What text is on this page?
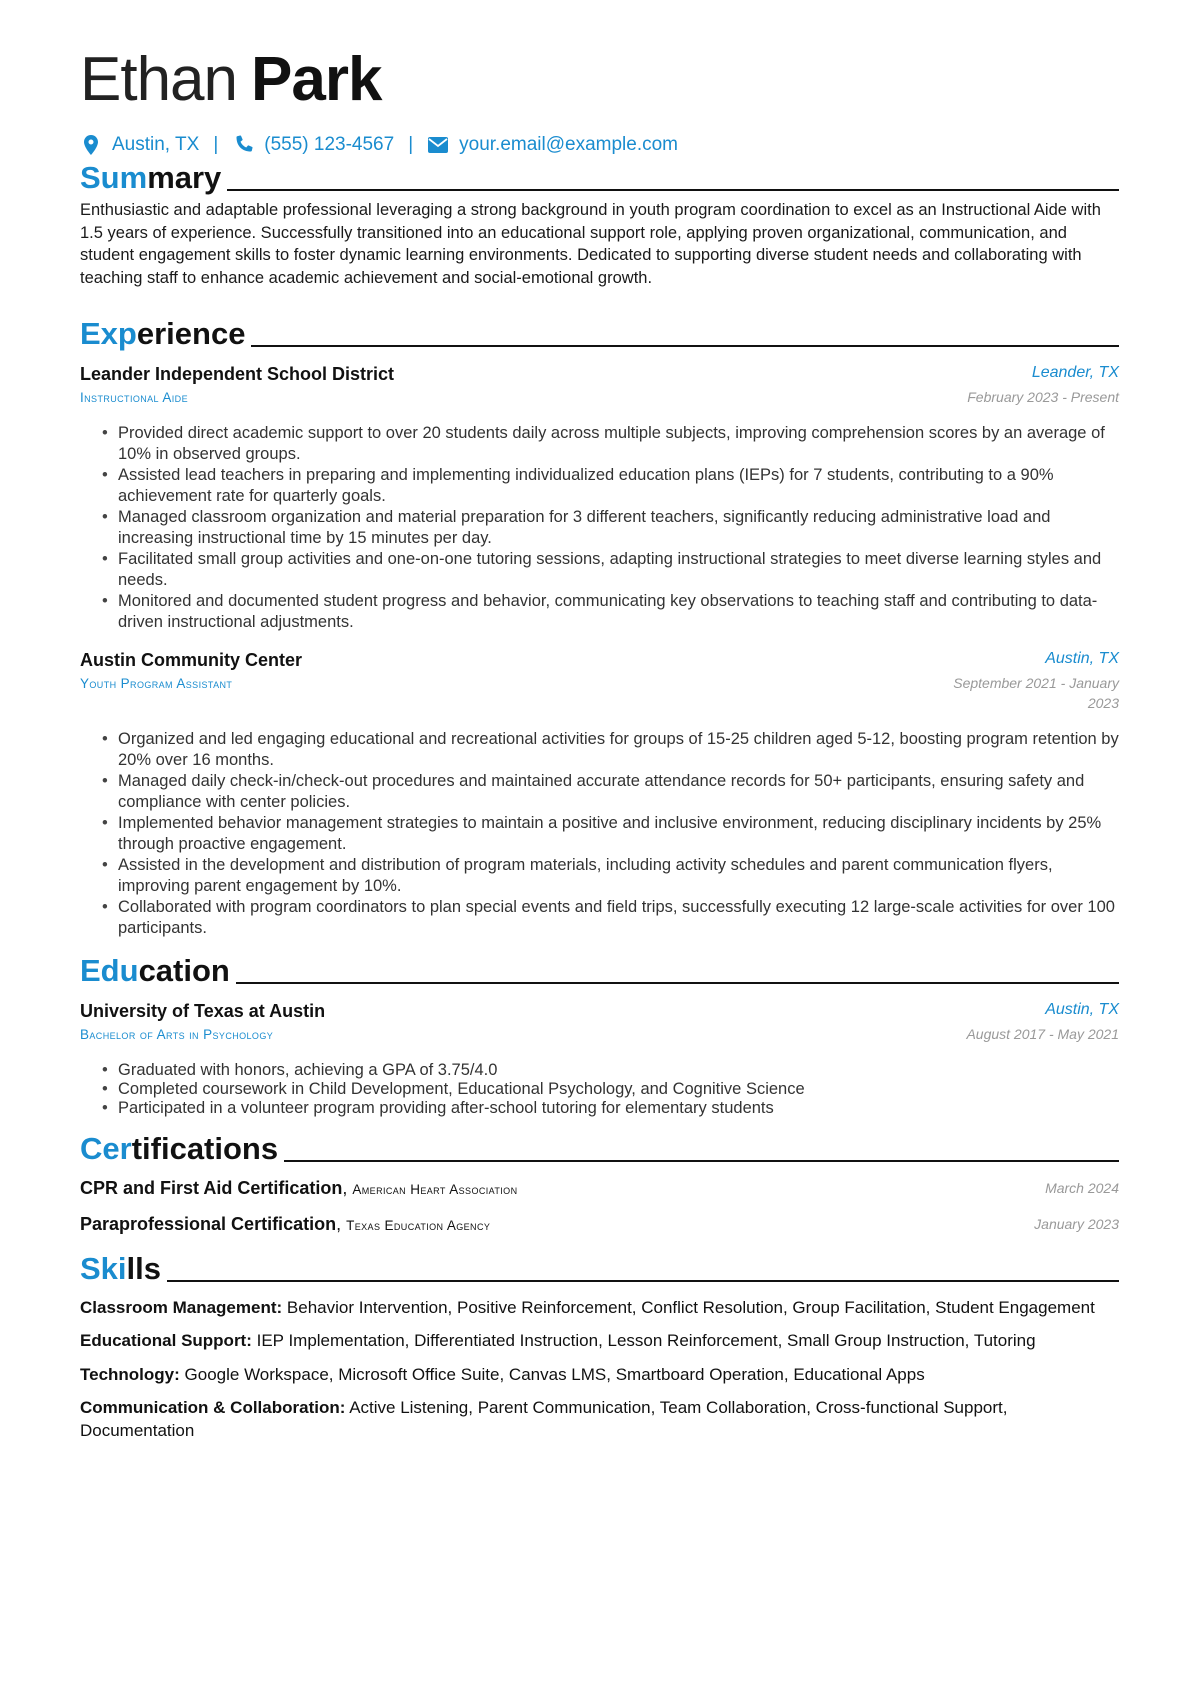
Ethan Park
Austin, TX | (555) 123-4567 | your.email@example.com
Summary
Enthusiastic and adaptable professional leveraging a strong background in youth program coordination to excel as an Instructional Aide with 1.5 years of experience. Successfully transitioned into an educational support role, applying proven organizational, communication, and student engagement skills to foster dynamic learning environments. Dedicated to supporting diverse student needs and collaborating with teaching staff to enhance academic achievement and social-emotional growth.
Experience
Leander Independent School District	Leander, TX
Instructional Aide	February 2023 - Present
• Provided direct academic support to over 20 students daily across multiple subjects, improving comprehension scores by an average of 10% in observed groups.
• Assisted lead teachers in preparing and implementing individualized education plans (IEPs) for 7 students, contributing to a 90% achievement rate for quarterly goals.
• Managed classroom organization and material preparation for 3 different teachers, significantly reducing administrative load and increasing instructional time by 15 minutes per day.
• Facilitated small group activities and one-on-one tutoring sessions, adapting instructional strategies to meet diverse learning styles and needs.
• Monitored and documented student progress and behavior, communicating key observations to teaching staff and contributing to data-driven instructional adjustments.
Austin Community Center	Austin, TX
Youth Program Assistant	September 2021 - January 2023
• Organized and led engaging educational and recreational activities for groups of 15-25 children aged 5-12, boosting program retention by 20% over 16 months.
• Managed daily check-in/check-out procedures and maintained accurate attendance records for 50+ participants, ensuring safety and compliance with center policies.
• Implemented behavior management strategies to maintain a positive and inclusive environment, reducing disciplinary incidents by 25% through proactive engagement.
• Assisted in the development and distribution of program materials, including activity schedules and parent communication flyers, improving parent engagement by 10%.
• Collaborated with program coordinators to plan special events and field trips, successfully executing 12 large-scale activities for over 100 participants.
Education
University of Texas at Austin	Austin, TX
Bachelor of Arts in Psychology	August 2017 - May 2021
• Graduated with honors, achieving a GPA of 3.75/4.0
• Completed coursework in Child Development, Educational Psychology, and Cognitive Science
• Participated in a volunteer program providing after-school tutoring for elementary students
Certifications
CPR and First Aid Certification, American Heart Association	March 2024
Paraprofessional Certification, Texas Education Agency	January 2023
Skills
Classroom Management: Behavior Intervention, Positive Reinforcement, Conflict Resolution, Group Facilitation, Student Engagement
Educational Support: IEP Implementation, Differentiated Instruction, Lesson Reinforcement, Small Group Instruction, Tutoring
Technology: Google Workspace, Microsoft Office Suite, Canvas LMS, Smartboard Operation, Educational Apps
Communication & Collaboration: Active Listening, Parent Communication, Team Collaboration, Cross-functional Support, Documentation
